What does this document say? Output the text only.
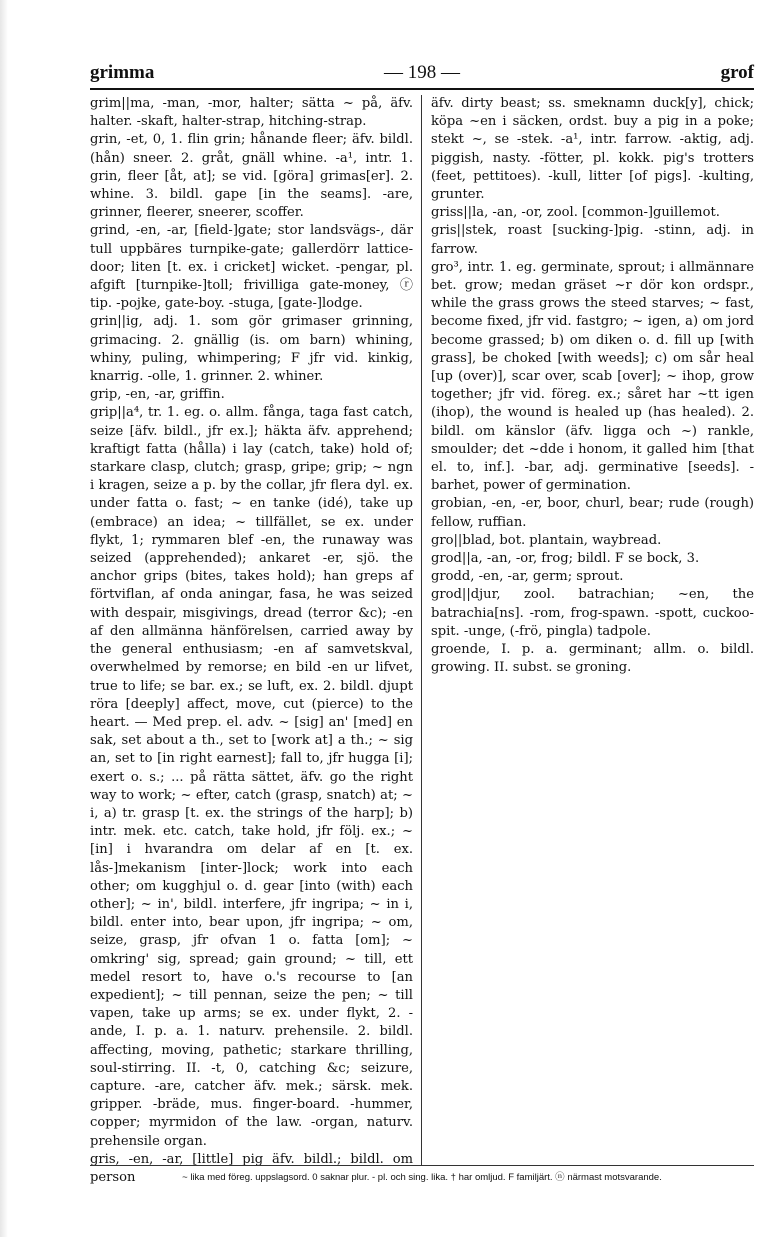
grimma	— 198 —	grof

grim||ma, -man, -mor, halter; sätta ~ på, äfv. halter. -skaft, halter-strap, hitching-strap.

grin, -et, 0, 1. flin grin; hånande fleer; äfv. bildl. (hån) sneer. 2. gråt, gnäll whine. -a¹, intr. 1. grin, fleer [åt, at]; se vid. [göra] grimas[er]. 2. whine. 3. bildl. gape [in the seams]. -are, grinner, fleerer, sneerer, scoffer.

grind, -en, -ar, [field-]gate; stor landsvägs-, där tull uppbäres turnpike-gate; gallerdörr lattice-door; liten [t. ex. i cricket] wicket. -pengar, pl. afgift [turnpike-]toll; frivilliga gate-money, ⓡ tip. -pojke, gate-boy. -stuga, [gate-]lodge.

grin||ig, adj. 1. som gör grimaser grinning, grimacing. 2. gnällig (is. om barn) whining, whiny, puling, whimpering; F jfr vid. kinkig, knarrig. -olle, 1. grinner. 2. whiner.

grip, -en, -ar, griffin.

grip||a⁴, tr. 1. eg. o. allm. fånga, taga fast catch, seize [äfv. bildl., jfr ex.]; häkta äfv. apprehend; kraftigt fatta (hålla) i lay (catch, take) hold of; starkare clasp, clutch; grasp, gripe; grip; ~ ngn i kragen, seize a p. by the collar, jfr flera dyl. ex. under fatta o. fast; ~ en tanke (idé), take up (embrace) an idea; ~ tillfället, se ex. under flykt, 1; rymmaren blef -en, the runaway was seized (apprehended); ankaret -er, sjö. the anchor grips (bites, takes hold); han greps af förtviflan, af onda aningar, fasa, he was seized with despair, misgivings, dread (terror &c); -en af den allmänna hänförelsen, carried away by the general enthusiasm; -en af samvetskval, overwhelmed by remorse; en bild -en ur lifvet, true to life; se bar. ex.; se luft, ex. 2. bildl. djupt röra [deeply] affect, move, cut (pierce) to the heart. — Med prep. el. adv. ~ [sig] an' [med] en sak, set about a th., set to [work at] a th.; ~ sig an, set to [in right earnest]; fall to, jfr hugga [i]; exert o. s.; ... på rätta sättet, äfv. go the right way to work; ~ efter, catch (grasp, snatch) at; ~ i, a) tr. grasp [t. ex. the strings of the harp]; b) intr. mek. etc. catch, take hold, jfr följ. ex.; ~ [in] i hvarandra om delar af en [t. ex. lås-]mekanism [inter-]lock; work into each other; om kugghjul o. d. gear [into (with) each other]; ~ in', bildl. interfere, jfr ingripa; ~ in i, bildl. enter into, bear upon, jfr ingripa; ~ om, seize, grasp, jfr ofvan 1 o. fatta [om]; ~ omkring' sig, spread; gain ground; ~ till, ett medel resort to, have o.'s recourse to [an expedient]; ~ till pennan, seize the pen; ~ till vapen, take up arms; se ex. under flykt, 2. -ande, I. p. a. 1. naturv. prehensile. 2. bildl. affecting, moving, pathetic; starkare thrilling, soul-stirring. II. -t, 0, catching &c; seizure, capture. -are, catcher äfv. mek.; särsk. mek. gripper. -bräde, mus. finger-board. -hummer, copper; myrmidon of the law. -organ, naturv. prehensile organ.

gris, -en, -ar, [little] pig äfv. bildl.; bildl. om person

äfv. dirty beast; ss. smeknamn duck[y], chick; köpa ~en i säcken, ordst. buy a pig in a poke; stekt ~, se -stek. -a¹, intr. farrow. -aktig, adj. piggish, nasty. -fötter, pl. kokk. pig's trotters (feet, pettitoes). -kull, litter [of pigs]. -kulting, grunter.

griss||la, -an, -or, zool. [common-]guillemot.

gris||stek, roast [sucking-]pig. -stinn, adj. in farrow.

gro³, intr. 1. eg. germinate, sprout; i allmännare bet. grow; medan gräset ~r dör kon ordspr., while the grass grows the steed starves; ~ fast, become fixed, jfr vid. fastgro; ~ igen, a) om jord become grassed; b) om diken o. d. fill up [with grass], be choked [with weeds]; c) om sår heal [up (over)], scar over, scab [over]; ~ ihop, grow together; jfr vid. föreg. ex.; såret har ~tt igen (ihop), the wound is healed up (has healed). 2. bildl. om känslor (äfv. ligga och ~) rankle, smoulder; det ~dde i honom, it galled him [that el. to, inf.]. -bar, adj. germinative [seeds]. -barhet, power of germination.

grobian, -en, -er, boor, churl, bear; rude (rough) fellow, ruffian.

gro||blad, bot. plantain, waybread.

grod||a, -an, -or, frog; bildl. F se bock, 3.

grodd, -en, -ar, germ; sprout.

grod||djur, zool. batrachian; ~en, the batrachia[ns]. -rom, frog-spawn. -spott, cuckoo-spit. -unge, (-frö, pingla) tadpole.

groende, I. p. a. germinant; allm. o. bildl. growing. II. subst. se groning.

~ lika med föreg. uppslagsord. 0 saknar plur. - pl. och sing. lika. † har omljud. F familjärt. ⓝ närmast motsvarande.
